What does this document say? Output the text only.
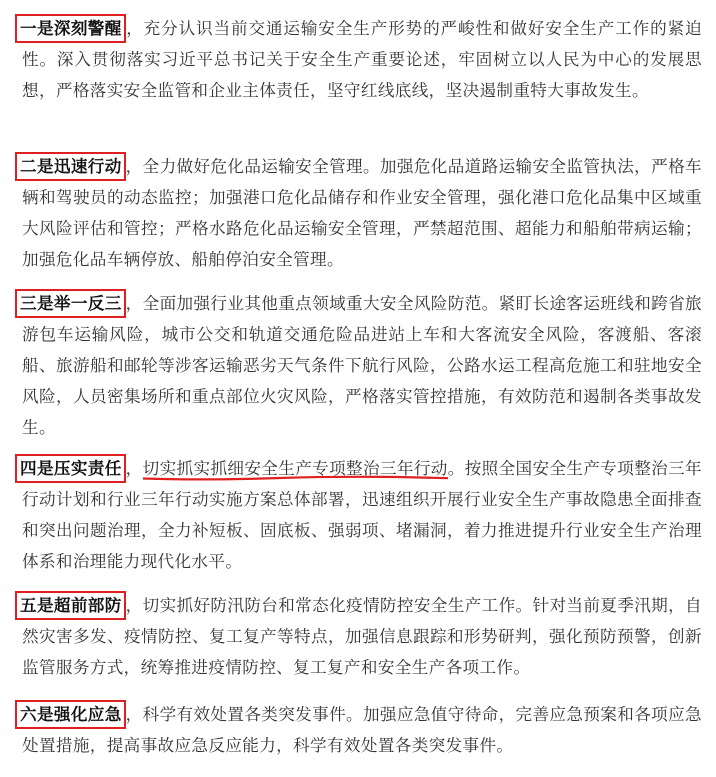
一是深刻警醒 ，充分认识当前交通运输安全生产形势的严峻性和做好安全生产工作的紧迫性。深入贯彻落实习近平总书记关于安全生产重要论述，牢固树立以人民为中心的发展思想，严格落实安全监管和企业主体责任，坚守红线底线，坚决遏制重特大事故发生。

二是迅速行动 ，全力做好危化品运输安全管理。加强危化品道路运输安全监管执法，严格车辆和驾驶员的动态监控
；加强港口危化品储存和作业安全管理，强化港口危化品集中区域重大风险评估和管控；严格水路危化品运输安全管理，严禁超范围、超能力和船舶带病运输；加强危化品车辆停放、船舶停泊安全管理。

三是举一反三 ，全面加强行业其他重点领域重大安全风险防范。紧盯长途客运班线和跨省旅游包车运输风险，城市公交和轨道交通危险品进站上车和大客流安全风险，客渡船、客滚船、旅游船和邮轮等涉客运输恶劣天气条件下航行风险，公路水运工程高危施工和驻地安全风险，人员密集场所和重点部位火灾风险，严格落实管控措施，有效防范和遏制各类事故发生。

四是压实责任 ，切实抓实抓细安全生产专项整治三年行动
。按照全国安全生产专项整治三年行动计划和行业三年行动实施方案总体部署，迅速组织开展行业安全生产事故隐患全面排查和突出问题治理，全力补短板、固底板、强弱项、堵漏洞，着力推进提升行业安全生产治理体系和治理能力现代化水平。

五是超前部防 ，切实抓好防汛防台和常态化疫情防控安全生产工作。针对当前夏季汛期，自然灾害多发、疫情防控、复工复产等特点，加强信息跟踪和形势研判，强化预防预警，创新监管服务方式，统筹推进疫情防控、复工复产和安全生产各项工作。

六是强化应急 ，科学有效处置各类突发事件。加强应急值守待命，完善应急预案和各项应急处置措施，提高事故应急反应能力，科学有效处置各类突发事件。
